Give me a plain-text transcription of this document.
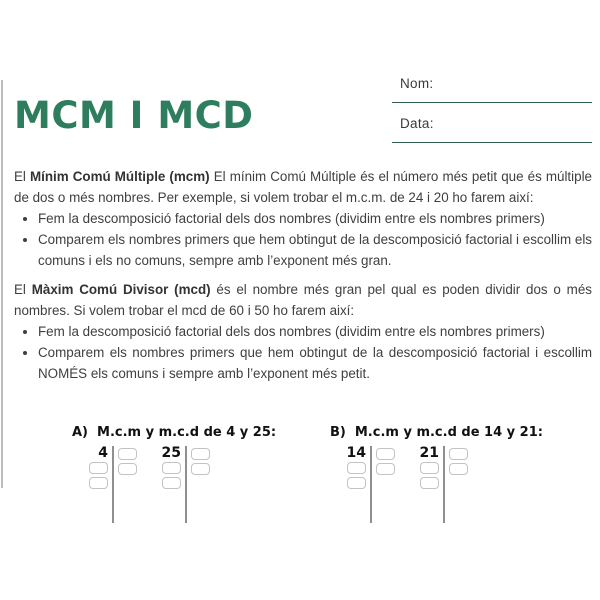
MCM I MCD
Nom:
Data:

El Mínim Comú Múltiple (mcm) El mínim Comú Múltiple és el número més petit que és múltiple de dos o més nombres. Per exemple, si volem trobar el m.c.m. de 24 i 20 ho farem així:

• Fem la descomposició factorial dels dos nombres (dividim entre els nombres primers)
• Comparem els nombres primers que hem obtingut de la descomposició factorial i escollim els comuns i els no comuns, sempre amb l’exponent més gran.

El Màxim Comú Divisor (mcd) és el nombre més gran pel qual es poden dividir dos o més nombres. Si volem trobar el mcd de 60 i 50 ho farem així:

• Fem la descomposició factorial dels dos nombres (dividim entre els nombres primers)
• Comparem els nombres primers que hem obtingut de la descomposició factorial i escollim NOMÉS els comuns i sempre amb l’exponent més petit.
A) M.c.m y m.c.d de 4 y 25:
4	25
B) M.c.m y m.c.d de 14 y 21:
14	21
